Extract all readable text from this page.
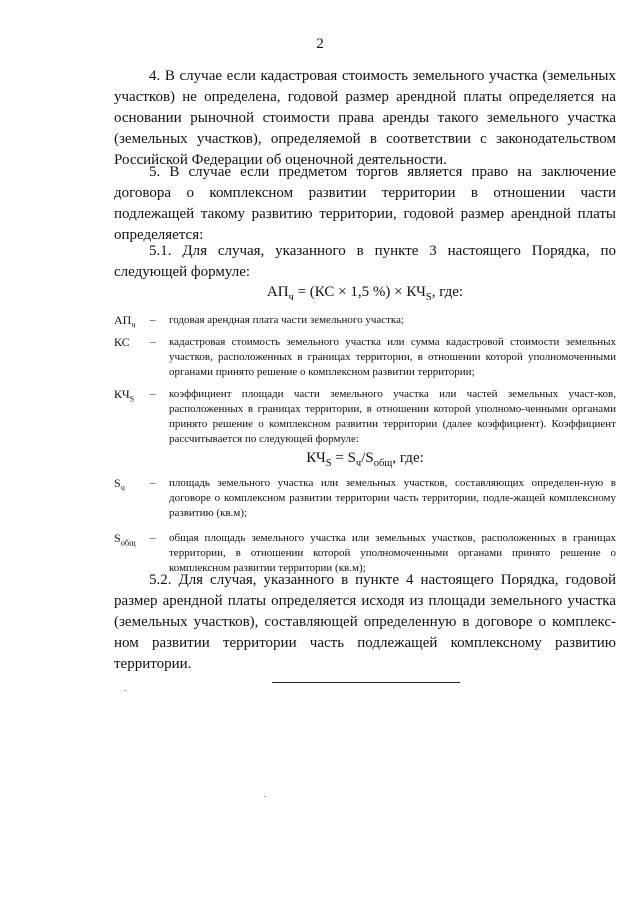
2

4. В случае если кадастровая стоимость земельного участка (земельных участков) не определена, годовой размер арендной платы определяется на основании рыночной стоимости права аренды такого земельного участка (земельных участков), определяемой в соответствии с законодательством Российской Федерации об оценочной деятельности.

5. В случае если предметом торгов является право на заключение договора о комплексном развитии территории в отношении части подлежащей такому развитию территории, годовой размер арендной платы определяется:

5.1. Для случая, указанного в пункте 3 настоящего Порядка, по следующей формуле:

$АП_ч = (КС \times 1,5$ %) × $КЧ_S$, где:
$АП_ч$ – годовая арендная плата части земельного участка;
КС – кадастровая стоимость земельного участка или сумма кадастровой стоимости земельных участков, расположенных в границах территории, в отношении которой уполномоченными органами принято решение о комплексном развитии территории;
$КЧ_S$ – коэффициент площади части земельного участка или частей земельных участ-ков, расположенных в границах территории, в отношении которой уполномо-ченными органами принято решение о комплексном развитии территории (далее коэффициент). Коэффициент рассчитывается по следующей формуле:
$КЧ_S = S_ч/S_{общ}$, где:
$S_ч$ – площадь земельного участка или земельных участков, составляющих определен-ную в договоре о комплексном развитии территории часть территории, подле-жащей комплексному развитию (кв.м);
$S_{общ}$ – общая площадь земельного участка или земельных участков, расположенных в границах территории, в отношении которой уполномоченными органами принято решение о комплексном развитии территории (кв.м);

5.2. Для случая, указанного в пункте 4 настоящего Порядка, годовой размер арендной платы определяется исходя из площади земельного участка (земельных участков), составляющей определенную в договоре о комплекс-ном развитии территории часть подлежащей комплексному развитию территории.
